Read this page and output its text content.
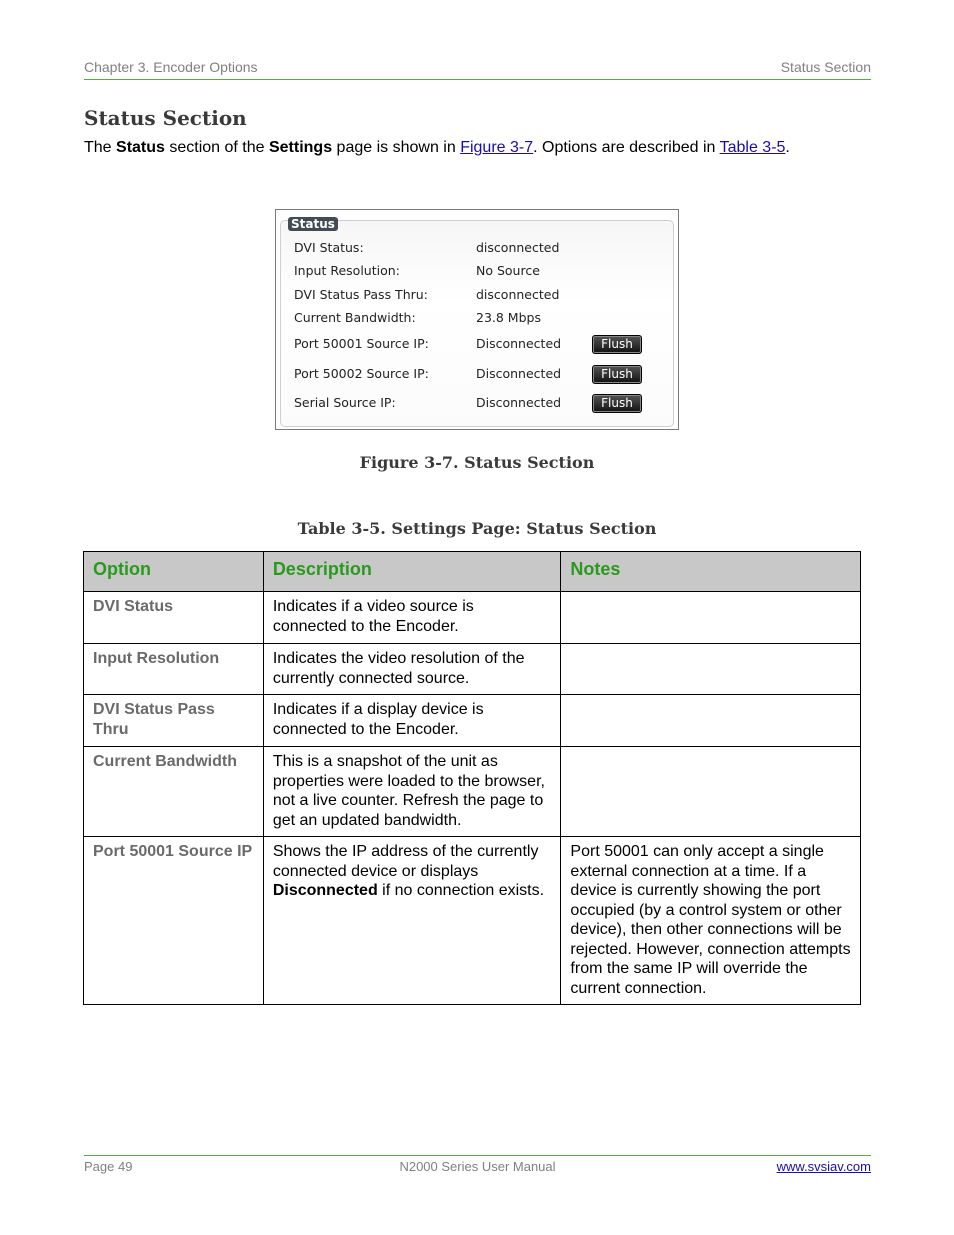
Chapter 3. Encoder Options	Status Section
Status Section
The Status section of the Settings page is shown in Figure 3-7. Options are described in Table 3-5.
Status
DVI Status:	disconnected
Input Resolution:	No Source
DVI Status Pass Thru:	disconnected
Current Bandwidth:	23.8 Mbps
Port 50001 Source IP:	Disconnected	Flush
Port 50002 Source IP:	Disconnected	Flush
Serial Source IP:	Disconnected	Flush
Figure 3-7. Status Section
Table 3-5. Settings Page: Status Section
Option	Description	Notes
DVI Status	Indicates if a video source is connected to the Encoder.	
Input Resolution	Indicates the video resolution of the currently connected source.	
DVI Status Pass Thru	Indicates if a display device is connected to the Encoder.	
Current Bandwidth	This is a snapshot of the unit as properties were loaded to the browser, not a live counter. Refresh the page to get an updated bandwidth.	
Port 50001 Source IP	Shows the IP address of the currently connected device or displays Disconnected if no connection exists.	Port 50001 can only accept a single external connection at a time. If a device is currently showing the port occupied (by a control system or other device), then other connections will be rejected. However, connection attempts from the same IP will override the current connection.
Page 49	N2000 Series User Manual	www.svsiav.com
